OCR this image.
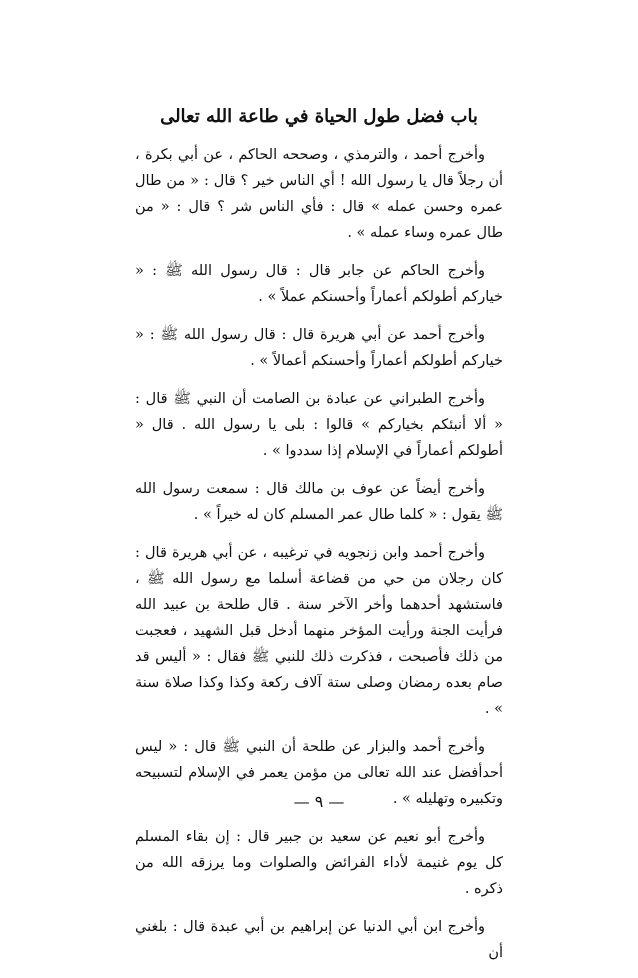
باب فضل طول الحياة في طاعة الله تعالى

وأخرج أحمد ، والترمذي ، وصححه الحاكم ، عن أبي بكرة ، أن رجلاً قال يا رسول الله ! أي الناس خير ؟ قال : « من طال عمره وحسن عمله » قال : فأي الناس شر ؟ قال : « من طال عمره وساء عمله » .

وأخرج الحاكم عن جابر قال : قال رسول الله ﷺ : « خياركم أطولكم أعماراً وأحسنكم عملاً » .

وأخرج أحمد عن أبي هريرة قال : قال رسول الله ﷺ : « خياركم أطولكم أعماراً وأحسنكم أعمالاً » .

وأخرج الطبراني عن عبادة بن الصامت أن النبي ﷺ قال : « ألا أنبئكم بخياركم » قالوا : بلى يا رسول الله . قال « أطولكم أعماراً في الإسلام إذا سددوا » .

وأخرج أيضاً عن عوف بن مالك قال : سمعت رسول الله ﷺ يقول : « كلما طال عمر المسلم كان له خيراً » .

وأخرج أحمد وابن زنجويه في ترغيبه ، عن أبي هريرة قال : كان رجلان من حي من قضاعة أسلما مع رسول الله ﷺ ، فاستشهد أحدهما وأخر الآخر سنة . قال طلحة بن عبيد الله فرأيت الجنة ورأيت المؤخر منهما أدخل قبل الشهيد ، فعجبت من ذلك فأصبحت ، فذكرت ذلك للنبي ﷺ فقال : « أليس قد صام بعده رمضان وصلى ستة آلاف ركعة وكذا وكذا صلاة سنة » .

وأخرج أحمد والبزار عن طلحة أن النبي ﷺ قال : « ليس أحدأفضل عند الله تعالى من مؤمن يعمر في الإسلام لتسبيحه وتكبيره وتهليله » .

وأخرج أبو نعيم عن سعيد بن جبير قال : إن بقاء المسلم كل يوم غنيمة لأداء الفرائض والصلوات وما يرزقه الله من ذكره .

وأخرج ابن أبي الدنيا عن إبراهيم بن أبي عبدة قال : بلغني أن

— ٩ —
